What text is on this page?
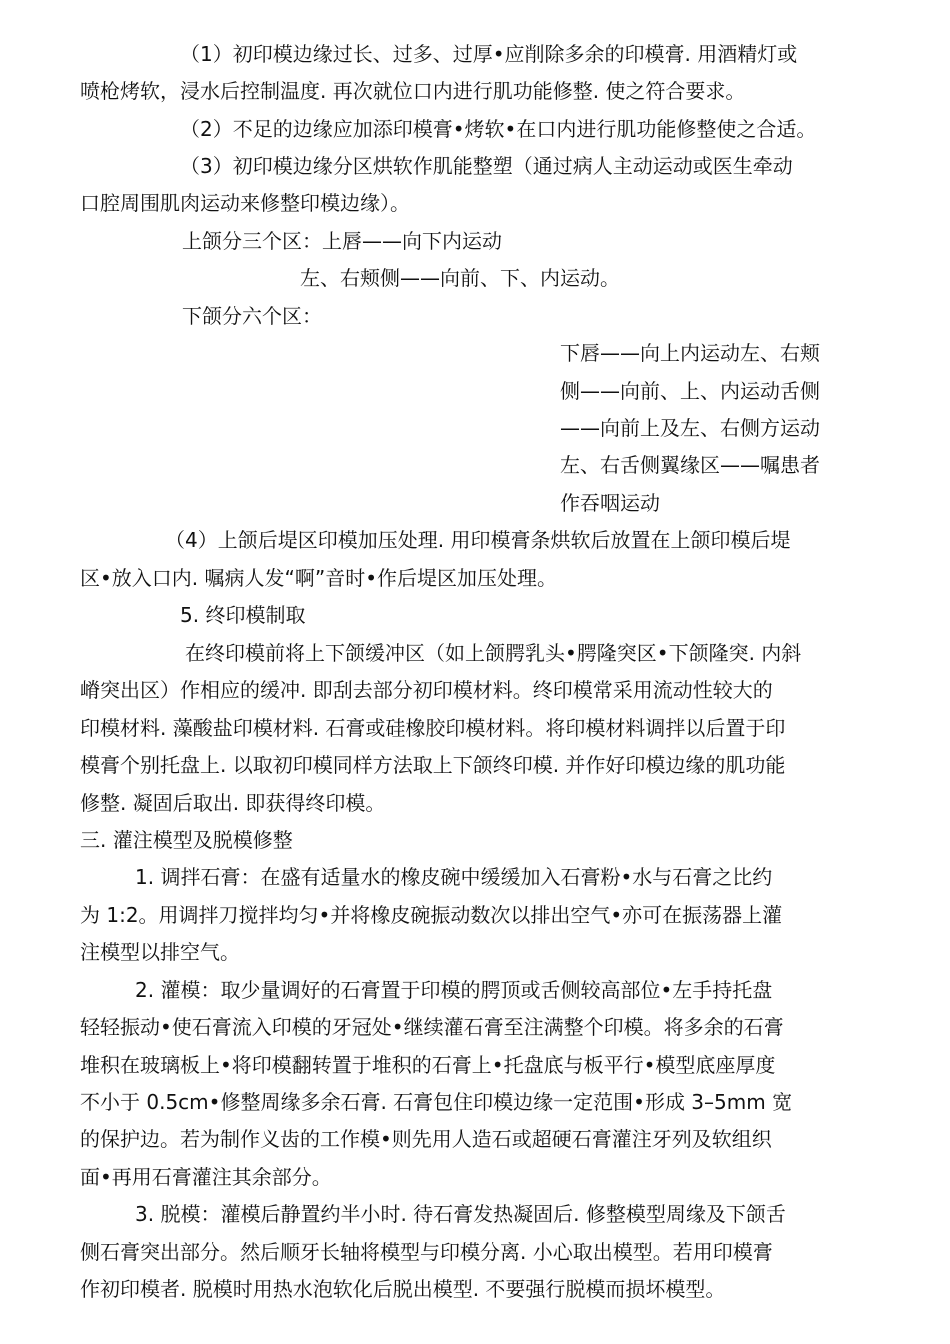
（1）初印模边缘过长、过多、过厚•应削除多余的印模膏. 用酒精灯或
喷枪烤软，浸水后控制温度. 再次就位口内进行肌功能修整. 使之符合要求。
（2）不足的边缘应加添印模膏•烤软•在口内进行肌功能修整使之合适。
（3）初印模边缘分区烘软作肌能整塑（通过病人主动运动或医生牵动
口腔周围肌肉运动来修整印模边缘）。
上颌分三个区：上唇——向下内运动
左、右颊侧——向前、下、内运动。
下颌分六个区：
下唇——向上内运动左、右颊
侧——向前、上、内运动舌侧
——向前上及左、右侧方运动
左、右舌侧翼缘区——嘱患者
作吞咽运动
（4）上颌后堤区印模加压处理. 用印模膏条烘软后放置在上颌印模后堤
区•放入口内. 嘱病人发“啊”音时•作后堤区加压处理。
5. 终印模制取
在终印模前将上下颌缓冲区（如上颌腭乳头•腭隆突区•下颌隆突. 内斜
嵴突出区）作相应的缓冲. 即刮去部分初印模材料。终印模常采用流动性较大的
印模材料. 藻酸盐印模材料. 石膏或硅橡胶印模材料。将印模材料调拌以后置于印
模膏个别托盘上. 以取初印模同样方法取上下颌终印模. 并作好印模边缘的肌功能
修整. 凝固后取出. 即获得终印模。
三. 灌注模型及脱模修整
1. 调拌石膏：在盛有适量水的橡皮碗中缓缓加入石膏粉•水与石膏之比约
为 1:2。用调拌刀搅拌均匀•并将橡皮碗振动数次以排出空气•亦可在振荡器上灌
注模型以排空气。
2. 灌模：取少量调好的石膏置于印模的腭顶或舌侧较高部位•左手持托盘
轻轻振动•使石膏流入印模的牙冠处•继续灌石膏至注满整个印模。将多余的石膏
堆积在玻璃板上•将印模翻转置于堆积的石膏上•托盘底与板平行•模型底座厚度
不小于 0.5cm•修整周缘多余石膏. 石膏包住印模边缘一定范围•形成 3–5mm 宽
的保护边。若为制作义齿的工作模•则先用人造石或超硬石膏灌注牙列及软组织
面•再用石膏灌注其余部分。
3. 脱模：灌模后静置约半小时. 待石膏发热凝固后. 修整模型周缘及下颌舌
侧石膏突出部分。然后顺牙长轴将模型与印模分离. 小心取出模型。若用印模膏
作初印模者. 脱模时用热水泡软化后脱出模型. 不要强行脱模而损坏模型。
